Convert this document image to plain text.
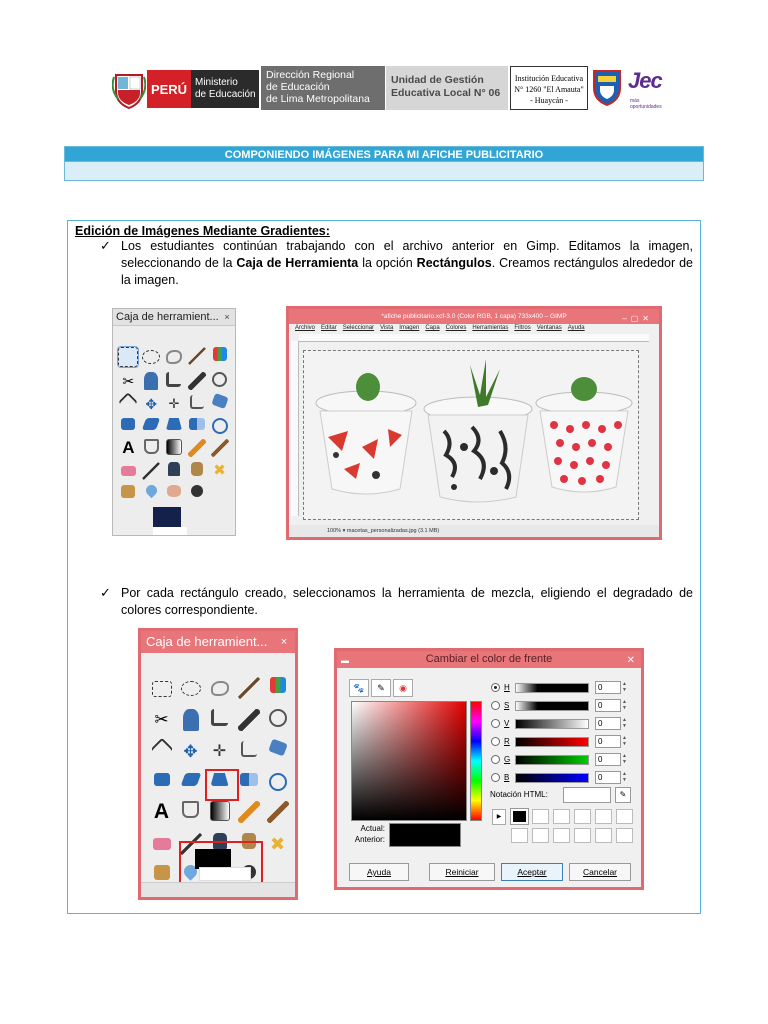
PERÚ Ministerio
de Educación
Dirección Regional
de Educación
de Lima Metropolitana
Unidad de Gestión
Educativa Local N° 06
Institución Educativa
N° 1260 "El Amauta"
- Huaycán -
Jec
más oportunidades
COMPONIENDO IMÁGENES PARA MI AFICHE PUBLICITARIO
Edición de Imágenes Mediante Gradientes:
✓ Los estudiantes continúan trabajando con el archivo anterior en Gimp. Editamos la imagen, seleccionando de la Caja de Herramienta la opción Rectángulos. Creamos rectángulos alrededor de la imagen.
Caja de herramient... ×
✂
✥ ✛
A
✖
*afiche publicitario.xcf-3.0 (Color RGB, 1 capa) 733x400 – GIMP	–▢✕
Archivo Editar Seleccionar Vista Imagen Capa Colores Herramientas Filtros Ventanas Ayuda
100% ▾ macetas_personalizadas.jpg (3.1 MB)
✓ Por cada rectángulo creado, seleccionamos la herramienta de mezcla, eligiendo el degradado de colores correspondiente.
Caja de herramient...	×
✂
✥ ✛
A
✖
▬	Cambiar el color de frente	✕
🐾	✎	◉	H	0	▲
▼
S	0	▲
▼
V	0	▲
▼
R	0	▲
▼
G	0	▲
▼
B	0	▲
▼
Notación HTML:	✎
▶
Actual:
Anterior:
Ayuda	Reiniciar	Aceptar	Cancelar
